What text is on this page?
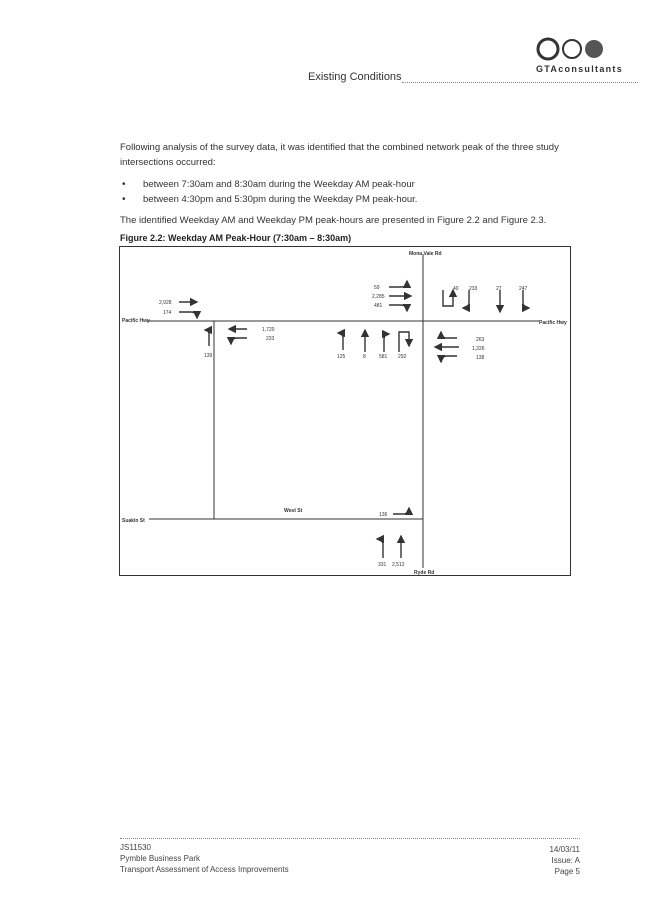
GTAconsultants
Existing Conditions
Following analysis of the survey data, it was identified that the combined network peak of the three study intersections occurred:
• between 7:30am and 8:30am during the Weekday AM peak-hour
• between 4:30pm and 5:30pm during the Weekday PM peak-hour.
The identified Weekday AM and Weekday PM peak-hours are presented in Figure 2.2 and Figure 2.3.
Figure 2.2: Weekday AM Peak-Hour (7:30am – 8:30am)
Mona Vale Rd
Pacific Hwy	Pacific Hwy
West St
Suakin St
Ryde Rd
2,928
174
139
1,720
233
59
2,285
481
125	8	581 292
40 233	27	247
263
1,326
138
136
331 2,512
JS11530
Pymble Business Park
Transport Assessment of Access Improvements
14/03/11
Issue: A
Page 5
